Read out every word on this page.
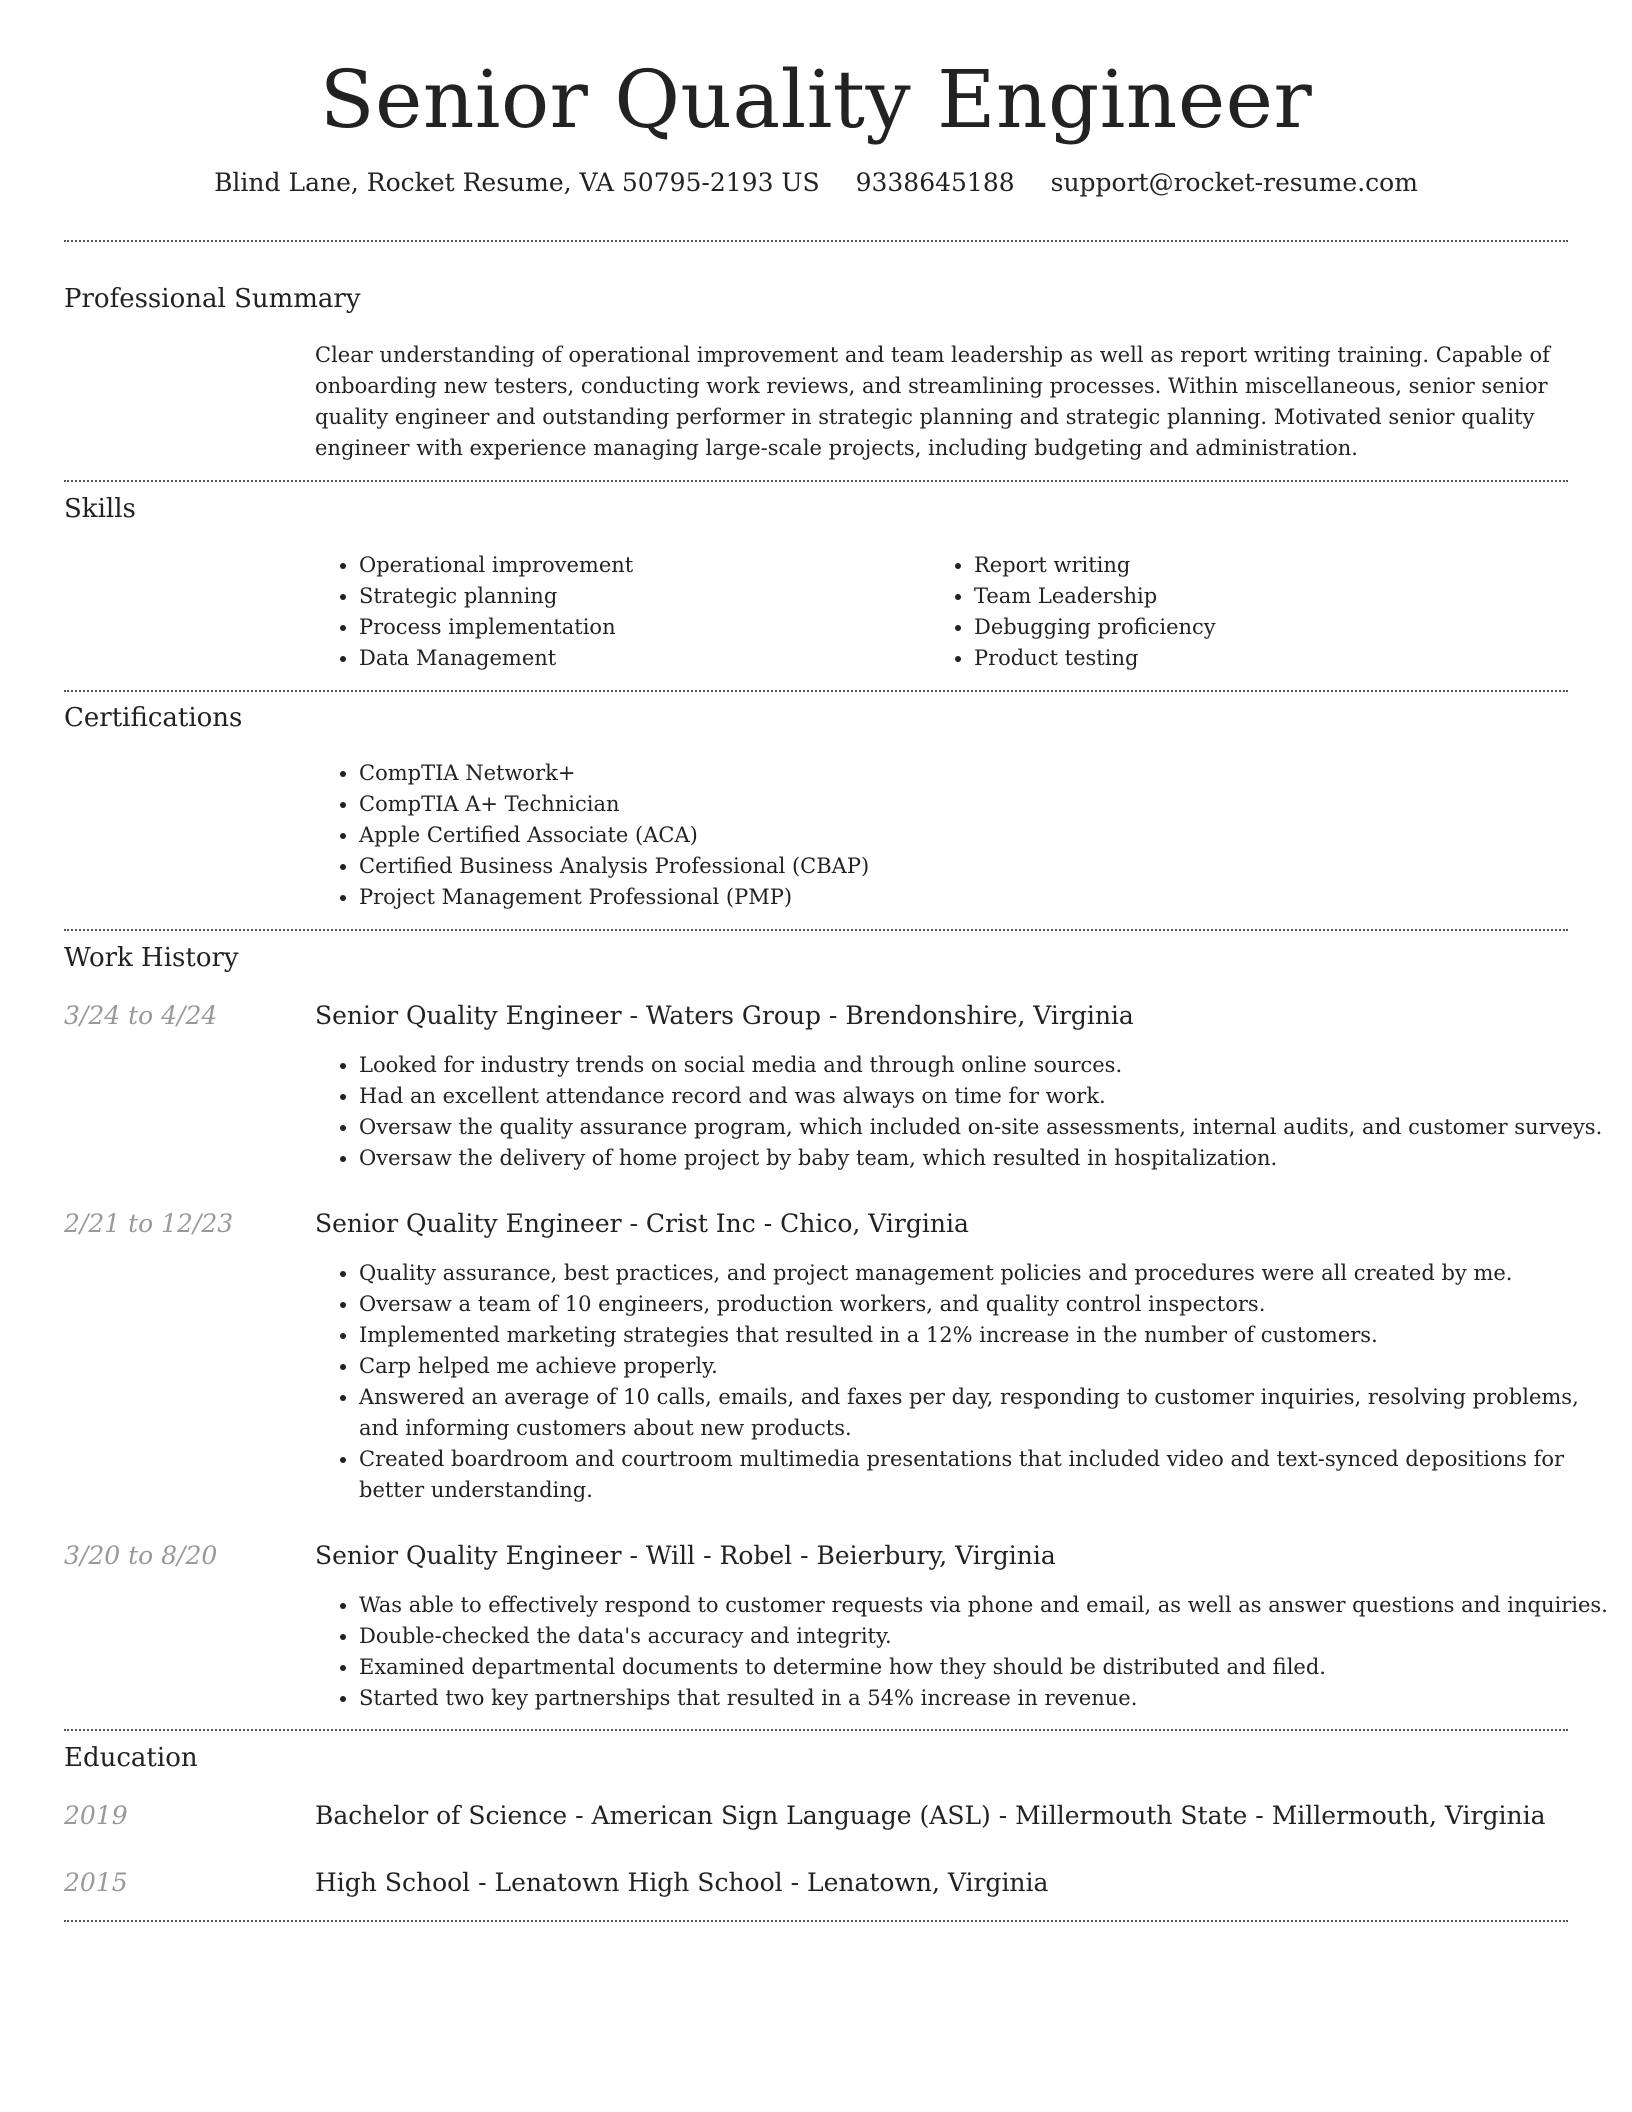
Senior Quality Engineer
Blind Lane, Rocket Resume, VA 50795-2193 US 9338645188 support@rocket-resume.com
Professional Summary

Clear understanding of operational improvement and team leadership as well as report writing training. Capable of onboarding new testers, conducting work reviews, and streamlining processes. Within miscellaneous, senior senior quality engineer and outstanding performer in strategic planning and strategic planning. Motivated senior quality engineer with experience managing large-scale projects, including budgeting and administration.

Skills
• Operational improvement
• Strategic planning
• Process implementation
• Data Management
• Report writing
• Team Leadership
• Debugging proficiency
• Product testing
Certifications
• CompTIA Network+
• CompTIA A+ Technician
• Apple Certified Associate (ACA)
• Certified Business Analysis Professional (CBAP)
• Project Management Professional (PMP)
Work History
3/24 to 4/24	Senior Quality Engineer - Waters Group - Brendonshire, Virginia
• Looked for industry trends on social media and through online sources.
• Had an excellent attendance record and was always on time for work.
• Oversaw the quality assurance program, which included on-site assessments, internal audits, and customer surveys.
• Oversaw the delivery of home project by baby team, which resulted in hospitalization.
2/21 to 12/23	Senior Quality Engineer - Crist Inc - Chico, Virginia
• Quality assurance, best practices, and project management policies and procedures were all created by me.
• Oversaw a team of 10 engineers, production workers, and quality control inspectors.
• Implemented marketing strategies that resulted in a 12% increase in the number of customers.
• Carp helped me achieve properly.
• Answered an average of 10 calls, emails, and faxes per day, responding to customer inquiries, resolving problems, and informing customers about new products.
• Created boardroom and courtroom multimedia presentations that included video and text-synced depositions for better understanding.
3/20 to 8/20	Senior Quality Engineer - Will - Robel - Beierbury, Virginia
• Was able to effectively respond to customer requests via phone and email, as well as answer questions and inquiries.
• Double-checked the data's accuracy and integrity.
• Examined departmental documents to determine how they should be distributed and filed.
• Started two key partnerships that resulted in a 54% increase in revenue.
Education
2019	Bachelor of Science - American Sign Language (ASL) - Millermouth State - Millermouth, Virginia
2015	High School - Lenatown High School - Lenatown, Virginia
